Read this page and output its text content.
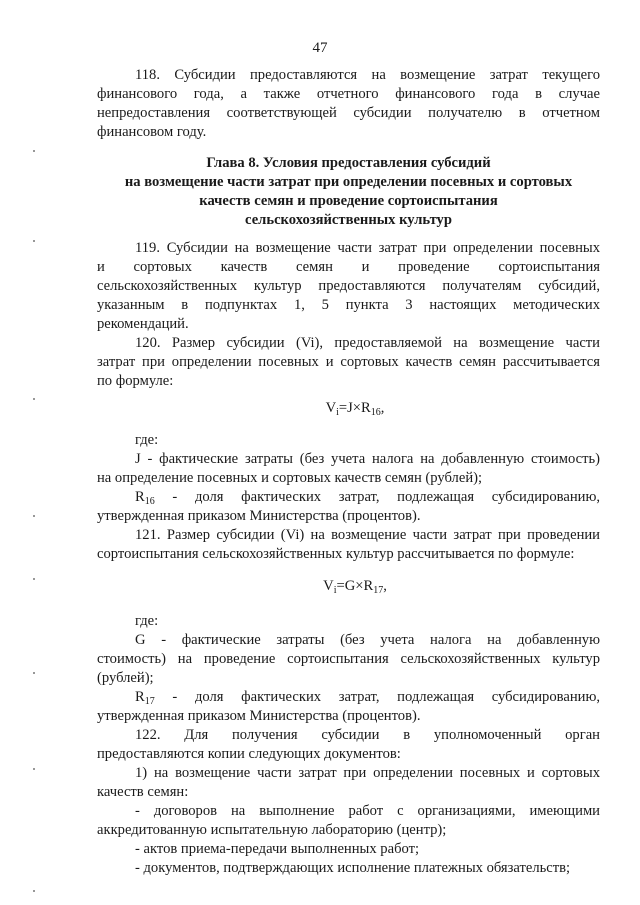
47
118. Субсидии предоставляются на возмещение затрат текущего
финансового года, а также отчетного финансового года в случае
непредоставления соответствующей субсидии получателю в отчетном
финансовом году.
Глава 8. Условия предоставления субсидий
на возмещение части затрат при определении посевных и сортовых
качеств семян и проведение сортоиспытания
сельскохозяйственных культур
119. Субсидии на возмещение части затрат при определении посевных
и сортовых качеств семян и проведение сортоиспытания
сельскохозяйственных культур предоставляются получателям субсидий,
указанным в подпунктах 1, 5 пункта 3 настоящих методических
рекомендаций.
120. Размер субсидии (Vi), предоставляемой на возмещение части
затрат при определении посевных и сортовых качеств семян рассчитывается
по формуле:
$V_i=J\times R_{16}$,
где:
J - фактические затраты (без учета налога на добавленную стоимость)
на определение посевных и сортовых качеств семян (рублей);
$R_{16}$ - доля фактических затрат, подлежащая субсидированию,
утвержденная приказом Министерства (процентов).
121. Размер субсидии (Vi) на возмещение части затрат при проведении
сортоиспытания сельскохозяйственных культур рассчитывается по формуле:
$V_i=G\times R_{17}$,
где:
G - фактические затраты (без учета налога на добавленную
стоимость) на проведение сортоиспытания сельскохозяйственных культур
(рублей);
$R_{17}$ - доля фактических затрат, подлежащая субсидированию,
утвержденная приказом Министерства (процентов).
122. Для получения субсидии в уполномоченный орган
предоставляются копии следующих документов:
1) на возмещение части затрат при определении посевных и сортовых
качеств семян:
- договоров на выполнение работ с организациями, имеющими
аккредитованную испытательную лабораторию (центр);
- актов приема-передачи выполненных работ;
- документов, подтверждающих исполнение платежных обязательств;
